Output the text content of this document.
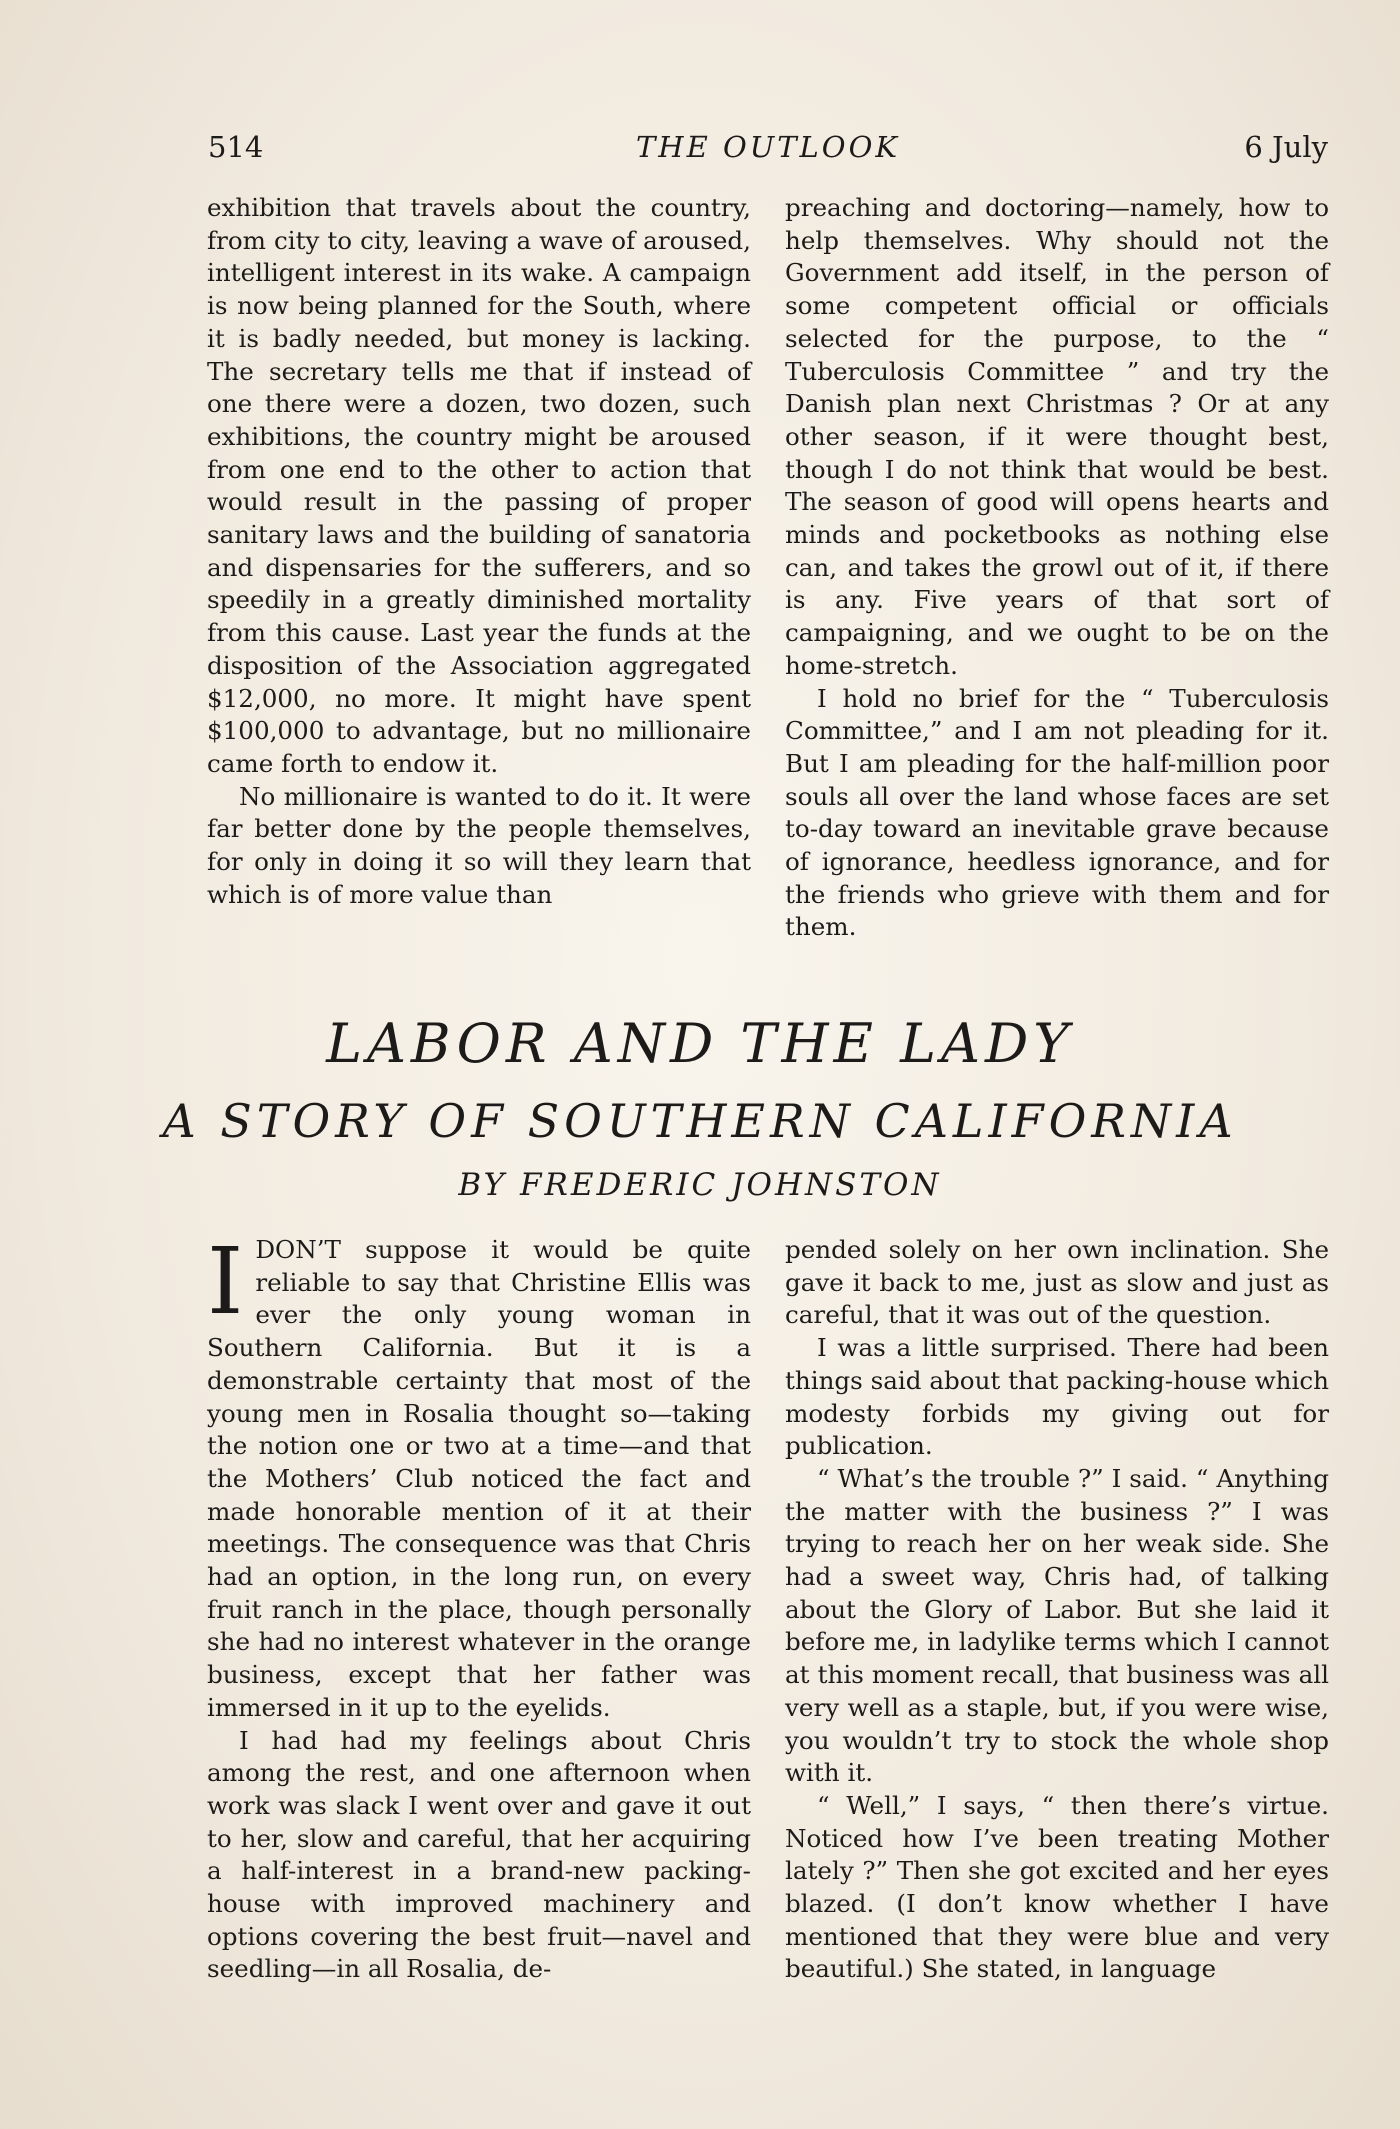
514	THE OUTLOOK	6 July

exhibition that travels about the country, from city to city, leaving a wave of aroused, intelligent interest in its wake. A campaign is now being planned for the South, where it is badly needed, but money is lacking. The secretary tells me that if instead of one there were a dozen, two dozen, such exhibitions, the country might be aroused from one end to the other to action that would result in the passing of proper sanitary laws and the building of sanatoria and dispensaries for the sufferers, and so speedily in a greatly diminished mortality from this cause. Last year the funds at the disposition of the Association aggregated $12,000, no more. It might have spent $100,000 to advantage, but no millionaire came forth to endow it.

No millionaire is wanted to do it. It were far better done by the people themselves, for only in doing it so will they learn that which is of more value than

preaching and doctoring—namely, how to help themselves. Why should not the Government add itself, in the person of some competent official or officials selected for the purpose, to the “ Tuberculosis Committee ” and try the Danish plan next Christmas ? Or at any other season, if it were thought best, though I do not think that would be best. The season of good will opens hearts and minds and pocketbooks as nothing else can, and takes the growl out of it, if there is any. Five years of that sort of campaigning, and we ought to be on the home-stretch.

I hold no brief for the “ Tuberculosis Committee,” and I am not pleading for it. But I am pleading for the half-million poor souls all over the land whose faces are set to-day toward an inevitable grave because of ignorance, heedless ignorance, and for the friends who grieve with them and for them.

LABOR AND THE LADY
A STORY OF SOUTHERN CALIFORNIA
BY FREDERIC JOHNSTON

IDON’T suppose it would be quite reliable to say that Christine Ellis was ever the only young woman in Southern California. But it is a demonstrable certainty that most of the young men in Rosalia thought so—taking the notion one or two at a time—and that the Mothers’ Club noticed the fact and made honorable mention of it at their meetings. The consequence was that Chris had an option, in the long run, on every fruit ranch in the place, though personally she had no interest whatever in the orange business, except that her father was immersed in it up to the eyelids.

I had had my feelings about Chris among the rest, and one afternoon when work was slack I went over and gave it out to her, slow and careful, that her acquiring a half-interest in a brand-new packing-house with improved machinery and options covering the best fruit—navel and seedling—in all Rosalia, de-

pended solely on her own inclination. She gave it back to me, just as slow and just as careful, that it was out of the question.

I was a little surprised. There had been things said about that packing-house which modesty forbids my giving out for publication.

“ What’s the trouble ?” I said. “ Anything the matter with the business ?” I was trying to reach her on her weak side. She had a sweet way, Chris had, of talking about the Glory of Labor. But she laid it before me, in ladylike terms which I cannot at this moment recall, that business was all very well as a staple, but, if you were wise, you wouldn’t try to stock the whole shop with it.

“ Well,” I says, “ then there’s virtue. Noticed how I’ve been treating Mother lately ?” Then she got excited and her eyes blazed. (I don’t know whether I have mentioned that they were blue and very beautiful.) She stated, in language
